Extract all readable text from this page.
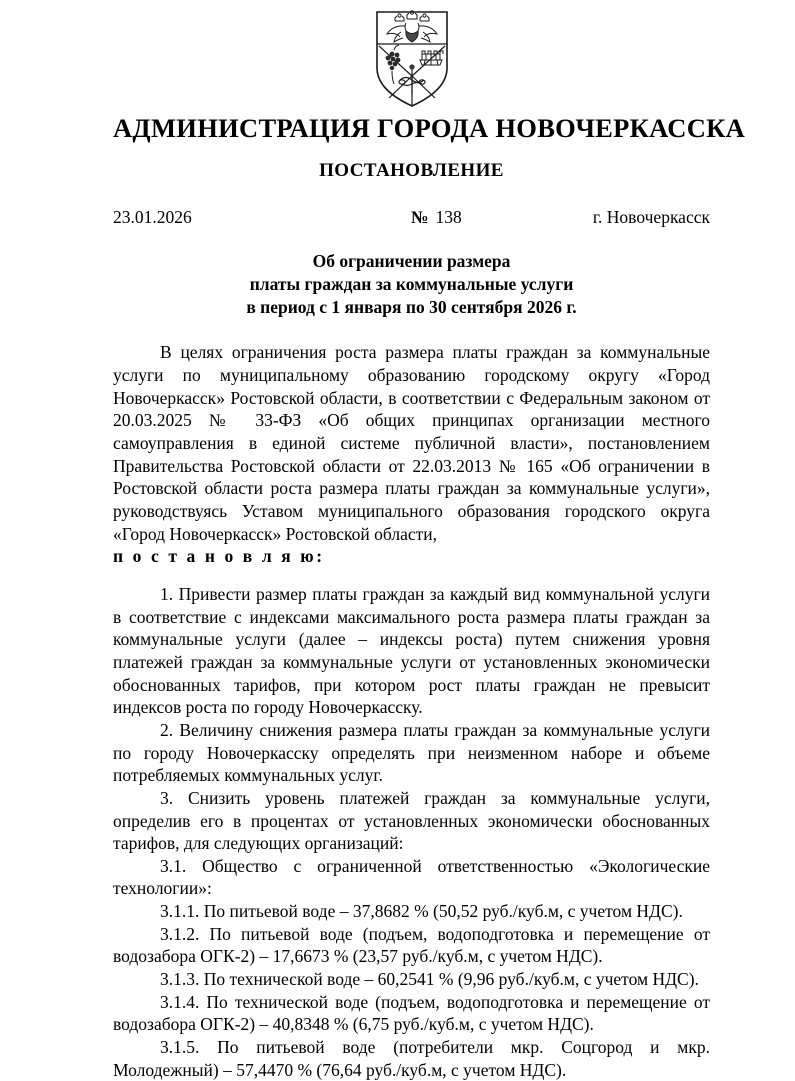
АДМИНИСТРАЦИЯ ГОРОДА НОВОЧЕРКАССКА
ПОСТАНОВЛЕНИЕ
23.01.2026	№ 138	г. Новочеркасск
Об ограничении размера
платы граждан за коммунальные услуги
в период с 1 января по 30 сентября 2026 г.

В целях ограничения роста размера платы граждан за коммунальные услуги по муниципальному образованию городскому округу «Город Новочеркасск» Ростовской области, в соответствии с Федеральным законом от 20.03.2025 № 33-ФЗ «Об общих принципах организации местного самоуправления в единой системе публичной власти», постановлением Правительства Ростовской области от 22.03.2013 № 165 «Об ограничении в Ростовской области роста размера платы граждан за коммунальные услуги», руководствуясь Уставом муниципального образования городского округа «Город Новочеркасск» Ростовской области,

п о с т а н о в л я ю:

1. Привести размер платы граждан за каждый вид коммунальной услуги в соответствие с индексами максимального роста размера платы граждан за коммунальные услуги (далее – индексы роста) путем снижения уровня платежей граждан за коммунальные услуги от установленных экономически обоснованных тарифов, при котором рост платы граждан не превысит индексов роста по городу Новочеркасску.

2. Величину снижения размера платы граждан за коммунальные услуги по городу Новочеркасску определять при неизменном наборе и объеме потребляемых коммунальных услуг.

3. Снизить уровень платежей граждан за коммунальные услуги, определив его в процентах от установленных экономически обоснованных тарифов, для следующих организаций:

3.1. Общество с ограниченной ответственностью «Экологические технологии»:

3.1.1. По питьевой воде – 37,8682 % (50,52 руб./куб.м, с учетом НДС).

3.1.2. По питьевой воде (подъем, водоподготовка и перемещение от водозабора ОГК-2) – 17,6673 % (23,57 руб./куб.м, с учетом НДС).

3.1.3. По технической воде – 60,2541 % (9,96 руб./куб.м, с учетом НДС).

3.1.4. По технической воде (подъем, водоподготовка и перемещение от водозабора ОГК-2) – 40,8348 % (6,75 руб./куб.м, с учетом НДС).

3.1.5. По питьевой воде (потребители мкр. Соцгород и мкр. Молодежный) – 57,4470 % (76,64 руб./куб.м, с учетом НДС).
